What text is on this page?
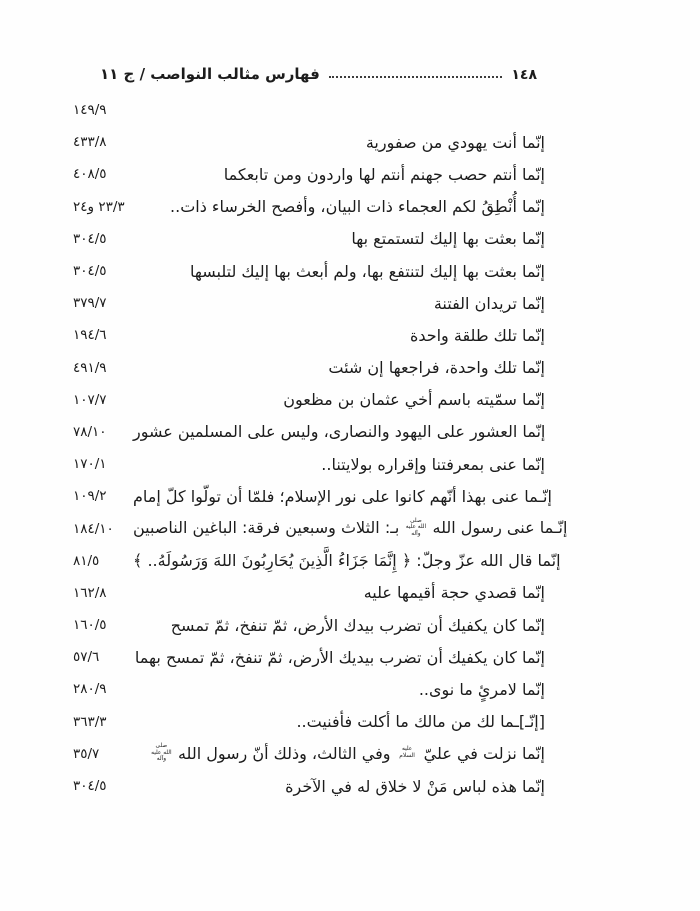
فهارس مثالب النواصب / ج ١١	١٤٨
١٤٩/٩
٤٣٣/٨	إنّما أنت يهودي من صفورية
٤٠٨/٥	إنّما أنتم حصب جهنم أنتم لها واردون ومن تابعكما
٢٣/٣ و٢٤	إنّما أُنْطِقُ لكم العجماء ذات البيان، وأفصح الخرساء ذات..
٣٠٤/٥	إنّما بعثت بها إليك لتستمتع بها
٣٠٤/٥	إنّما بعثت بها إليك لتنتفع بها، ولم أبعث بها إليك لتلبسها
٣٧٩/٧	إنّما تريدان الفتنة
١٩٤/٦	إنّما تلك طلقة واحدة
٤٩١/٩	إنّما تلك واحدة، فراجعها إن شئت
١٠٧/٧	إنّما سمّيته باسم أخي عثمان بن مظعون
٧٨/١٠	إنّما العشور على اليهود والنصارى، وليس على المسلمين عشور
١٧٠/١	إنّما عنى بمعرفتنا وإقراره بولايتنا..
١٠٩/٢	إنّـما عنى بهذا أنّهم كانوا على نور الإسلام؛ فلمّا أن تولّوا كلّ إمام
١٨٤/١٠	إنّـما عنى رسول الله صلى الله عليه وآله بـ: الثلاث وسبعين فرقة: الباغين الناصبين
٨١/٥	إنّما قال الله عزّ وجلّ: ﴿ إِنَّمَا جَزَاءُ الَّذِينَ يُحَارِبُونَ اللهَ وَرَسُولَهُ.. ﴾
١٦٢/٨	إنّما قصدي حجة أقيمها عليه
١٦٠/٥	إنّما كان يكفيك أن تضرب بيدك الأرض، ثمّ تنفخ، ثمّ تمسح
٥٧/٦	إنّما كان يكفيك أن تضرب بيديك الأرض، ثمّ تنفخ، ثمّ تمسح بهما
٢٨٠/٩	إنّما لامرئٍ ما نوى..
٣٦٣/٣	[إنّـ]ـما لك من مالك ما أكلت فأفنيت..
٣٥/٧	إنّما نزلت في عليّ عليه السلام وفي الثالث، وذلك أنّ رسول الله صلى الله عليه وآله
٣٠٤/٥	إنّما هذه لباس مَنْ لا خلاق له في الآخرة
